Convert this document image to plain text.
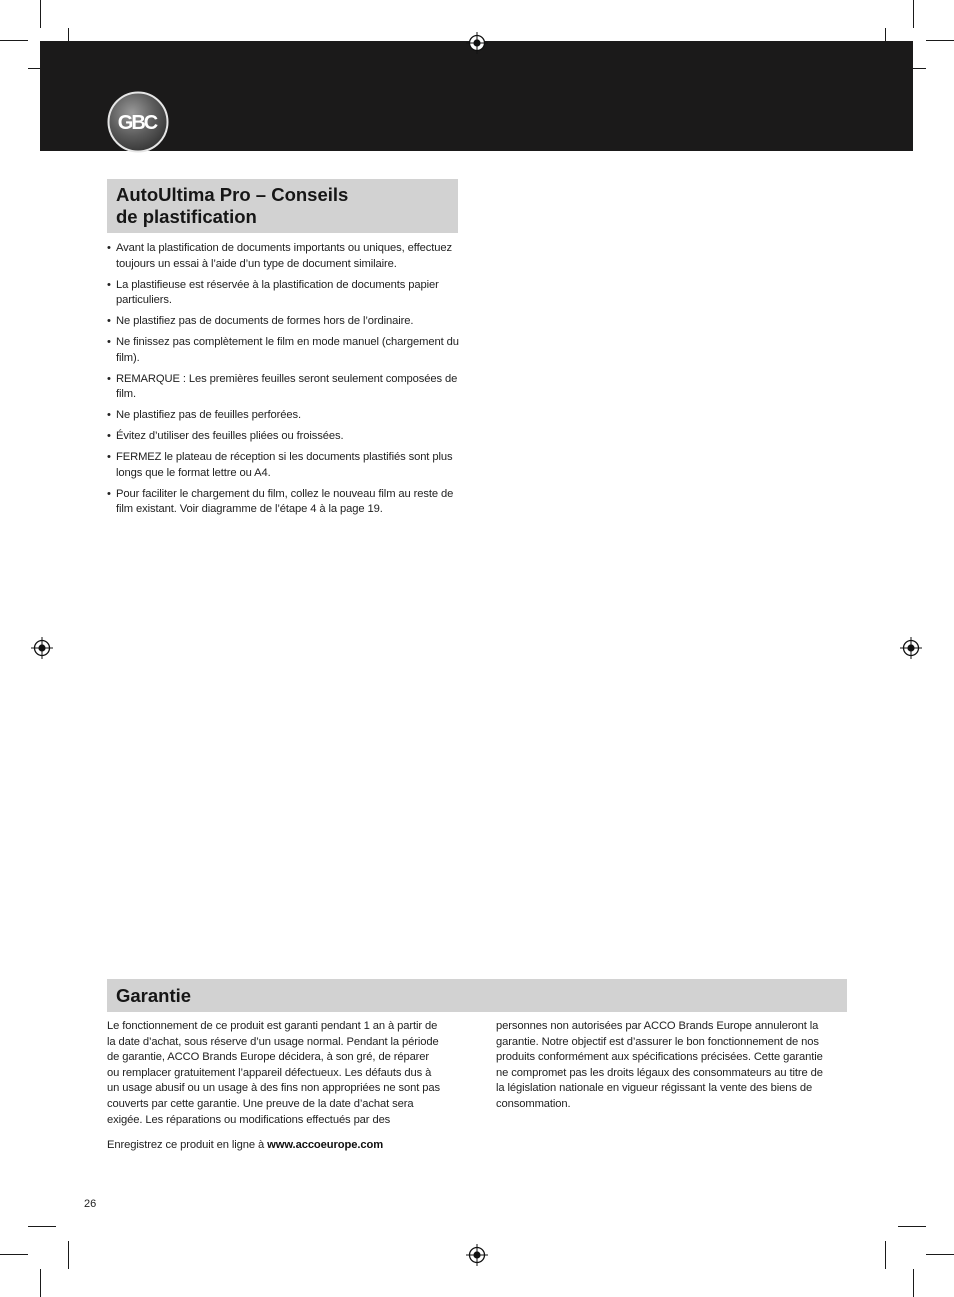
GBC
AutoUltima Pro – Conseils
de plastification
• Avant la plastification de documents importants ou uniques, effectuez toujours un essai à l’aide d’un type de document similaire.
• La plastifieuse est réservée à la plastification de documents papier particuliers.
• Ne plastifiez pas de documents de formes hors de l’ordinaire.
• Ne finissez pas complètement le film en mode manuel (chargement du film).
• REMARQUE : Les premières feuilles seront seulement composées de film.
• Ne plastifiez pas de feuilles perforées.
• Évitez d’utiliser des feuilles pliées ou froissées.
• FERMEZ le plateau de réception si les documents plastifiés sont plus longs que le format lettre ou A4.
• Pour faciliter le chargement du film, collez le nouveau film au reste de film existant. Voir diagramme de l’étape 4 à la page 19.
Garantie

Le fonctionnement de ce produit est garanti pendant 1 an à partir de la date d’achat, sous réserve d’un usage normal. Pendant la période de garantie, ACCO Brands Europe décidera, à son gré, de réparer ou remplacer gratuitement l’appareil défectueux. Les défauts dus à un usage abusif ou un usage à des fins non appropriées ne sont pas couverts par cette garantie. Une preuve de la date d’achat sera exigée. Les réparations ou modifications effectués par des

personnes non autorisées par ACCO Brands Europe annuleront la garantie. Notre objectif est d’assurer le bon fonctionnement de nos produits conformément aux spécifications précisées. Cette garantie ne compromet pas les droits légaux des consommateurs au titre de la législation nationale en vigueur régissant la vente des biens de consommation.

Enregistrez ce produit en ligne à www.accoeurope.com

26
